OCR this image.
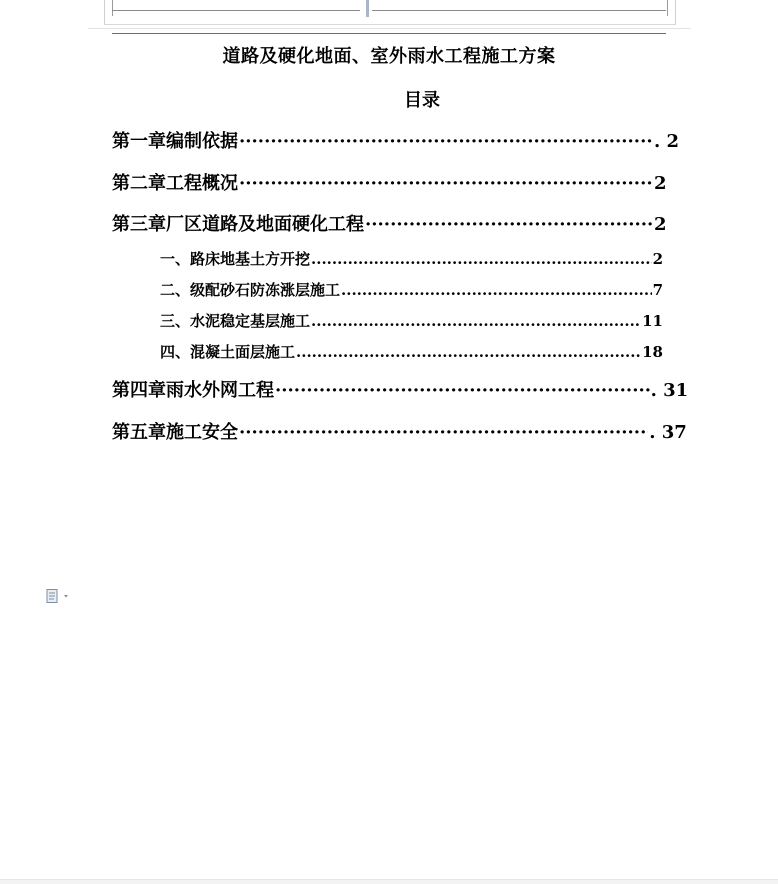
道路及硬化地面、室外雨水工程施工方案
目录
第一章 编制依据 ·····	. 2
第二章 工程概况 ·····	2
第三章 厂区道路及地面硬化工程 ·····	2
一、路床地基土方开挖 .....	2
二、级配砂石防冻涨层施工 .....	7
三、水泥稳定基层施工 .....	11
四、混凝土面层施工 .....	18
第四章 雨水外网工程 ·····	. 31
第五章 施工安全 ·····	. 37
